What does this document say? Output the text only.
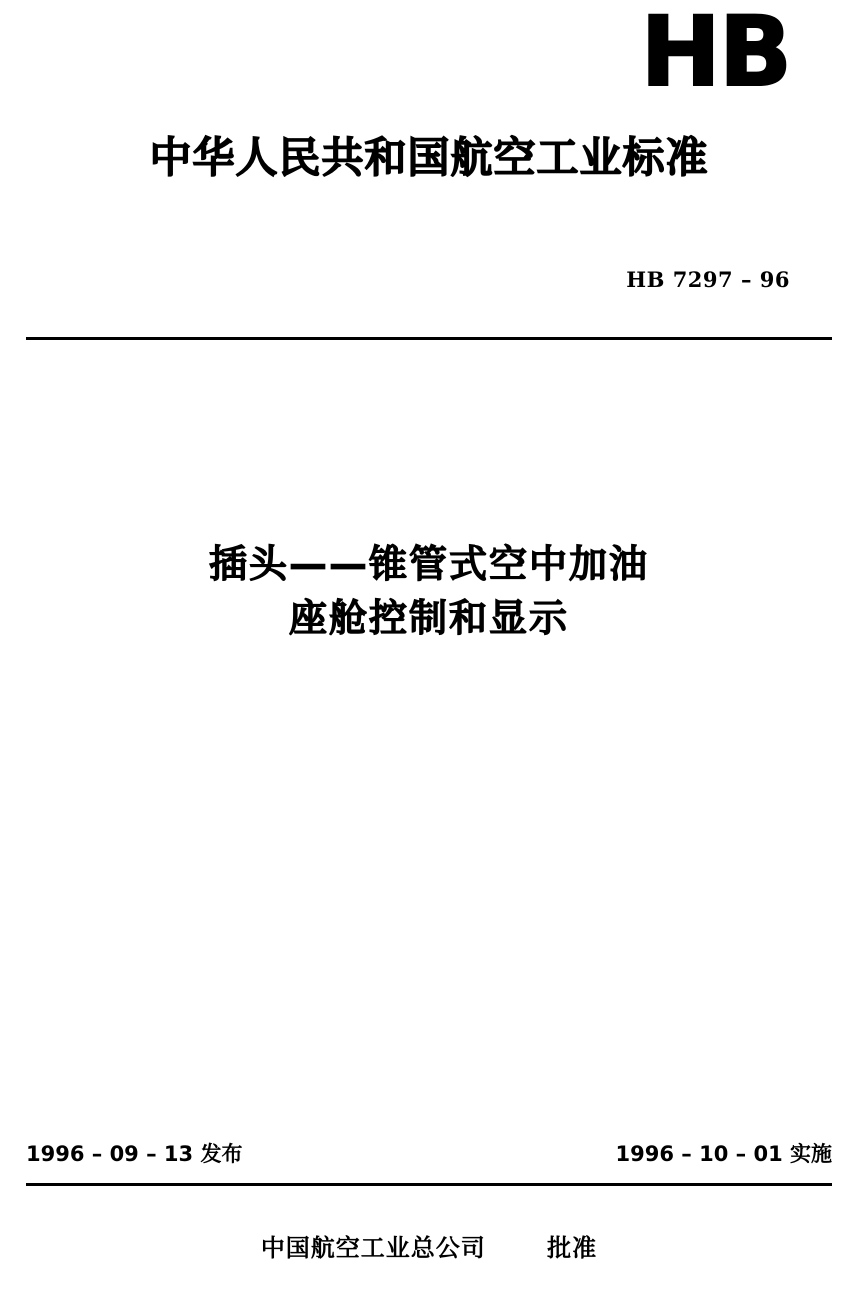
HB
中华人民共和国航空工业标准
HB 7297 – 96
插头——锥管式空中加油
座舱控制和显示
1996 – 09 – 13 发布	1996 – 10 – 01 实施
中国航空工业总公司	批准
